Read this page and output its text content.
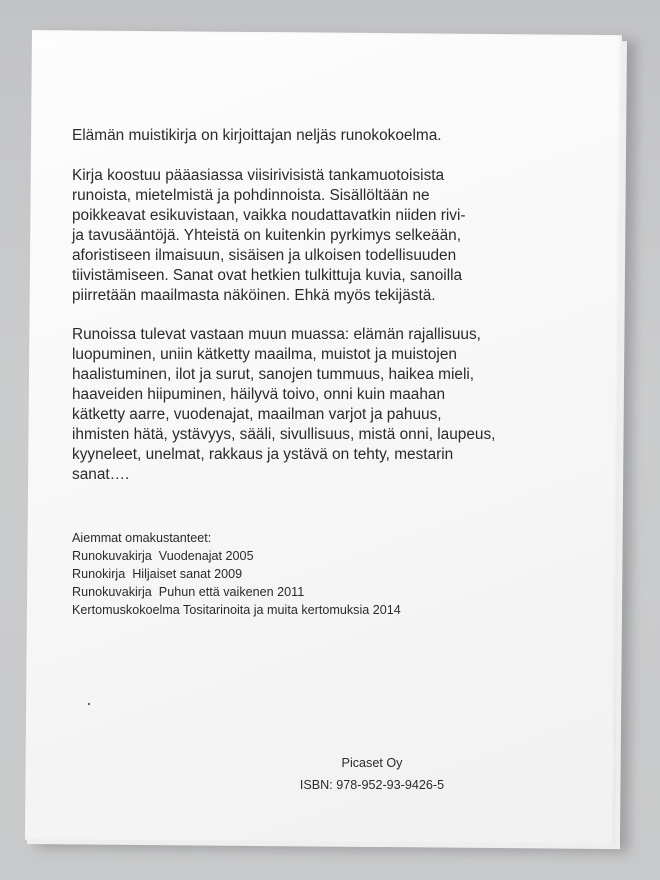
Elämän muistikirja on kirjoittajan neljäs runokokoelma.

Kirja koostuu pääasiassa viisirivisistä tankamuotoisista
runoista, mietelmistä ja pohdinnoista. Sisällöltään ne
poikkeavat esikuvistaan, vaikka noudattavatkin niiden rivi-
ja tavusääntöjä. Yhteistä on kuitenkin pyrkimys selkeään,
aforistiseen ilmaisuun, sisäisen ja ulkoisen todellisuuden
tiivistämiseen. Sanat ovat hetkien tulkittuja kuvia, sanoilla
piirretään maailmasta näköinen. Ehkä myös tekijästä.

Runoissa tulevat vastaan muun muassa: elämän rajallisuus,
luopuminen, uniin kätketty maailma, muistot ja muistojen
haalistuminen, ilot ja surut, sanojen tummuus, haikea mieli,
haaveiden hiipuminen, häilyvä toivo, onni kuin maahan
kätketty aarre, vuodenajat, maailman varjot ja pahuus,
ihmisten hätä, ystävyys, sääli, sivullisuus, mistä onni, laupeus,
kyyneleet, unelmat, rakkaus ja ystävä on tehty, mestarin
sanat….

Aiemmat omakustanteet:
Runokuvakirja  Vuodenajat 2005
Runokirja  Hiljaiset sanat 2009
Runokuvakirja  Puhun että vaikenen 2011
Kertomuskokoelma Tositarinoita ja muita kertomuksia 2014
Picaset Oy
ISBN: 978-952-93-9426-5
